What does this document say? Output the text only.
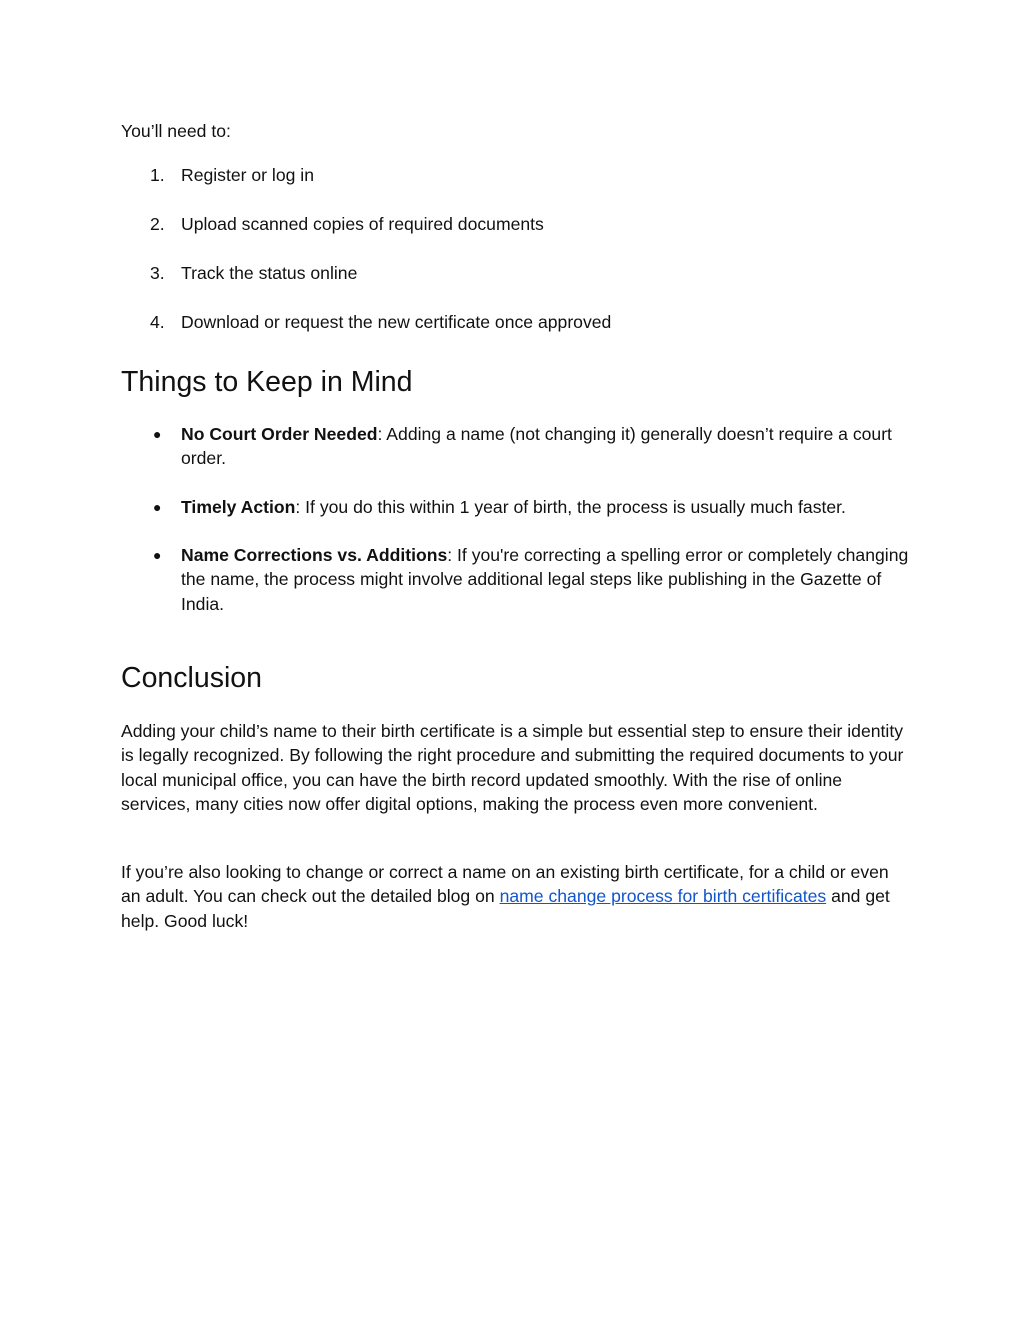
You’ll need to:

1. Register or log in
2. Upload scanned copies of required documents
3. Track the status online
4. Download or request the new certificate once approved
Things to Keep in Mind
● No Court Order Needed: Adding a name (not changing it) generally doesn’t require a court order.
● Timely Action: If you do this within 1 year of birth, the process is usually much faster.
● Name Corrections vs. Additions: If you're correcting a spelling error or completely changing the name, the process might involve additional legal steps like publishing in the Gazette of India.
Conclusion

Adding your child’s name to their birth certificate is a simple but essential step to ensure their identity is legally recognized. By following the right procedure and submitting the required documents to your local municipal office, you can have the birth record updated smoothly. With the rise of online services, many cities now offer digital options, making the process even more convenient.

If you’re also looking to change or correct a name on an existing birth certificate, for a child or even an adult. You can check out the detailed blog on name change process for birth certificates and get help. Good luck!
